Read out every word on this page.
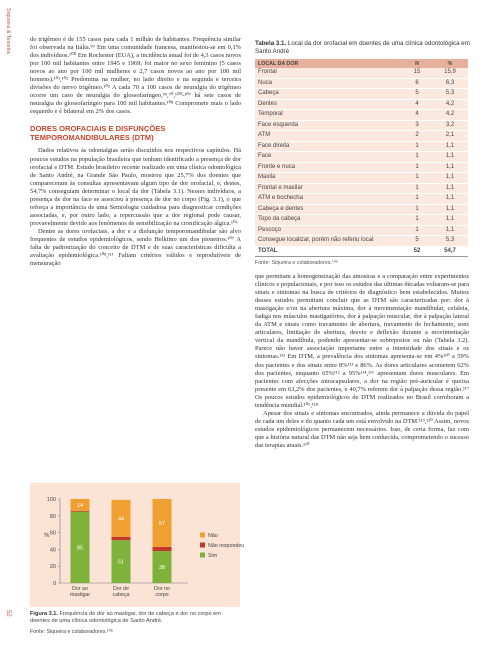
Siqueira & Teixeira
52

do trigêmeo é de 155 casos para cada 1 milhão de habitantes. Frequência similar foi observada na Itália.⁹⁹ Em uma comunidade francesa, manifestou-se em 0,1% dos indivíduos.¹⁰⁰ Em Rochester (EUA), a incidência anual foi de 4,3 casos novos por 100 mil habitantes entre 1945 e 1969; foi maior no sexo feminino (5 casos novos ao ano por 100 mil mulheres e 2,7 casos novos ao ano por 100 mil homens).¹⁰¹,¹⁰² Predomina na mulher, no lado direito e na segunda e terceira divisões do nervo trigêmeo.¹⁰³ A cada 70 a 100 casos de neuralgia do trigêmeo ocorre um caso de neuralgia do glossofaríngeo,⁹⁹,⁷⁰,¹⁰⁰-¹⁰⁷ há sete casos de neuralgia do glossofaríngeo para 100 mil habitantes.¹⁰⁸ Compromete mais o lado esquerdo e é bilateral em 2% dos casos.

DORES OROFACIAIS E DISFUNÇÕES TEMPOROMANDIBULARES (DTM)

Dados relativos às odontalgias serão discutidos nos respectivos capítulos. Há poucos estudos na população brasileira que tenham identificado a presença de dor orofacial e DTM. Estudo brasileiro recente realizado em uma clínica odontológica de Santo André, na Grande São Paulo, mostrou que 25,7% dos doentes que compareceram às consultas apresentavam algum tipo de dor orofacial, e, destes, 54,7% conseguiam determinar o local da dor (Tabela 3.1). Nesses indivíduos, a presença de dor na face se associou à presença de dor no corpo (Fig. 3.1), o que reforça a importância de uma Semiologia cuidadosa para diagnosticar condições associadas, e, por outro lado, a repercussão que a dor regional pode causar, provavelmente devido aos fenômenos de sensibilização na cronificação álgica.¹⁰⁶

Dentre as dores orofaciais, a dor e a disfunção temporomandibular são alvo frequentes de estudos epidemiológicos, sendo Helkimo um dos pioneiros.¹⁰⁷ A falta de padronização do conceito de DTM e de suas características dificulta a avaliação epidemiológica.¹⁰⁸,¹¹¹ Faltam critérios válidos e reprodutíveis de mensuração

Tabela 3.1. Local da dor orofacial em doentes de uma clínica odontológica em Santo André
LOCAL DA DOR	N	%
Frontal	15	15,9
Nuca	6	6,3
Cabeça	5	5,3
Dentes	4	4,2
Temporal	4	4,2
Face esquerda	3	3,2
ATM	2	2,1
Face direita	1	1,1
Face	1	1,1
Fronte e nuca	1	1,1
Maxila	1	1,1
Frontal e maxilar	1	1,1
ATM e bochecha	1	1,1
Cabeça e dentes	1	1,1
Topo da cabeça	1	1,1
Pescoço	1	1,1
Consegue localizar, porém não referiu local	5	5,3
TOTAL	52	54,7
Fonte: Siqueira e colaboradores.¹⁰⁶

que permitam a homogeneização das amostras e a comparação entre experimentos clínicos e populacionais, e por isso os estudos das últimas décadas voltaram-se para sinais e sintomas na busca de critérios de diagnóstico bem estabelecidos. Muitos desses estudos permitiam concluir que as DTM são caracterizadas por: dor à mastigação e/ou na abertura máxima, dor à movimentação mandibular, cefaleia, fadiga nos músculos mastigatórios, dor à palpação muscular, dor à palpação lateral da ATM e sinais como travamento de abertura, travamento de fechamento, sons articulares, limitação de abertura, desvio e deflexão durante a movimentação vertical da mandíbula, podendo apresentar-se sobrepostos ou não (Tabela 3.2). Parece não haver associação importante entre a intensidade dos sinais e os sintomas.¹¹² Em DTM, a prevalência dos sintomas apresenta-se em 4%¹¹⁰ a 59% dos pacientes e dos sinais entre 8%¹¹³ e 86%. As dores articulares acometem 62% dos pacientes, enquanto 65%¹¹² a 95%¹¹⁴,¹¹⁶ apresentam dores musculares. Em pacientes com afecções intracapsulares, a dor na região pré-auricular é queixa presente em 63,2% dos pacientes, e 40,7% referem dor à palpação dessa região.¹¹⁷ Os poucos estudos epidemiológicos de DTM realizados no Brasil corroboram a tendência mundial.¹⁰⁶,¹¹⁸

Apesar dos sinais e sintomas encontrados, ainda permanece a dúvida do papel de cada um deles e do quanto cada um está envolvido na DTM.¹¹⁹,¹²⁰ Assim, novos estudos epidemiológicos permanecem necessários. Isso, de certa forma, faz com que a história natural das DTM não seja bem conhecida, comprometendo o sucesso das terapias atuais.¹¹⁰

0
20
40
60
80
100
%
85
14
Dor ao
mastigar
51
44
Dor de
cabeça
38
57
Dor no
corpo
Não
Não respondeu
Sim
Figura 3.1. Frequência de dor ao mastigar, dor de cabeça e dor no corpo em doentes de uma clínica odontológica de Santo André.
Fonte: Siqueira e colaboradores.¹⁰⁶
